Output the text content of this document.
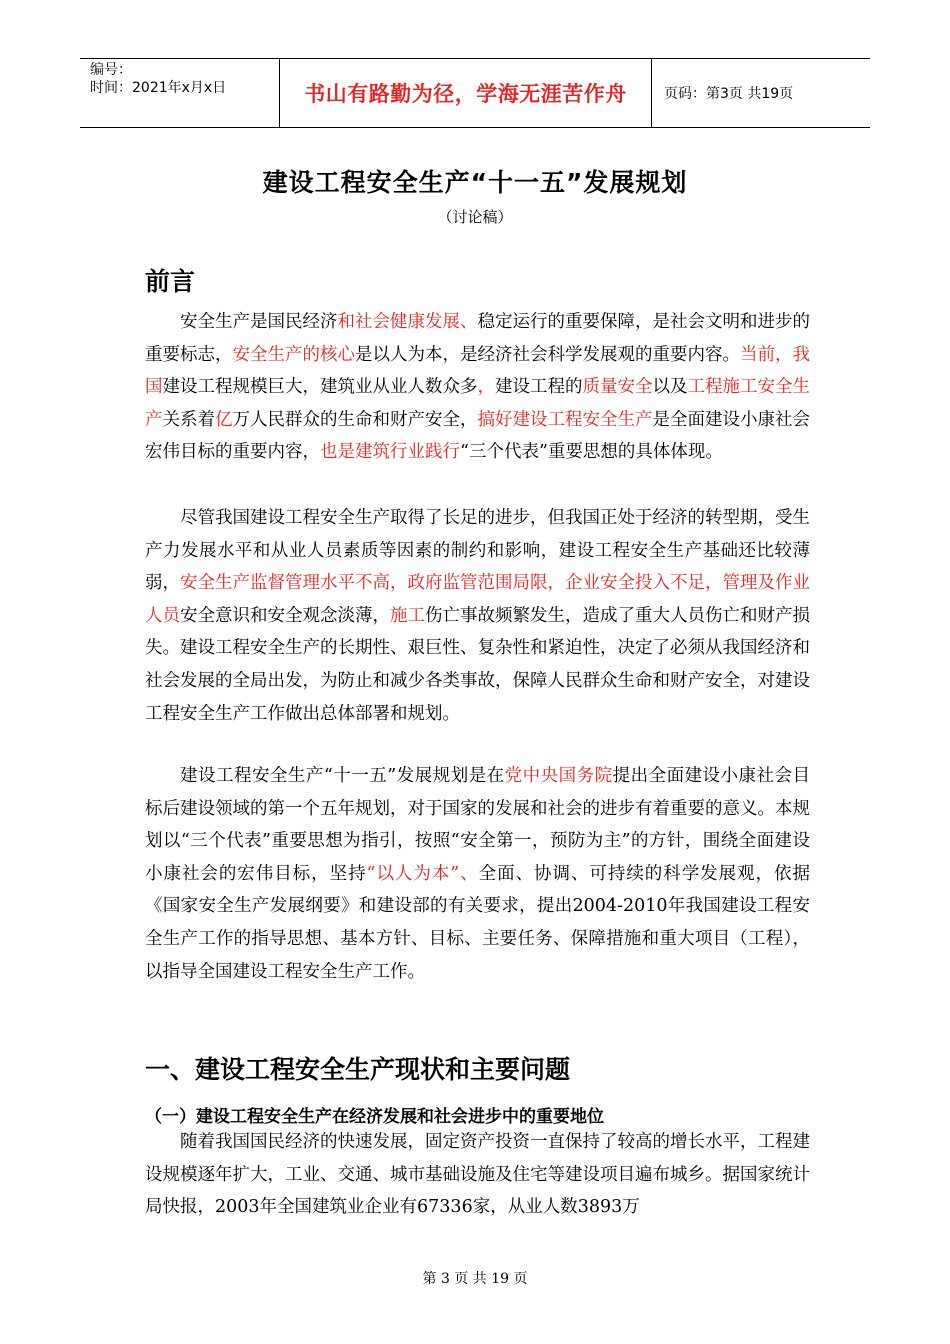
编号：
时间：2021年x月x日	书山有路勤为径，学海无涯苦作舟	页码：第3页 共19页
建设工程安全生产“十一五”发展规划
（讨论稿）
前言

安全生产是国民经济和社会健康发展、稳定运行的重要保障，是社会文明和进步的重要标志，安全生产的核心是以人为本，是经济社会科学发展观的重要内容。当前，我国建设工程规模巨大，建筑业从业人数众多，建设工程的质量安全以及工程施工安全生产关系着亿万人民群众的生命和财产安全，搞好建设工程安全生产是全面建设小康社会宏伟目标的重要内容，也是建筑行业践行“三个代表”重要思想的具体体现。

尽管我国建设工程安全生产取得了长足的进步，但我国正处于经济的转型期，受生产力发展水平和从业人员素质等因素的制约和影响，建设工程安全生产基础还比较薄弱，安全生产监督管理水平不高，政府监管范围局限，企业安全投入不足，管理及作业人员安全意识和安全观念淡薄，施工伤亡事故频繁发生，造成了重大人员伤亡和财产损失。建设工程安全生产的长期性、艰巨性、复杂性和紧迫性，决定了必须从我国经济和社会发展的全局出发，为防止和减少各类事故，保障人民群众生命和财产安全，对建设工程安全生产工作做出总体部署和规划。

建设工程安全生产“十一五”发展规划是在党中央国务院提出全面建设小康社会目标后建设领域的第一个五年规划，对于国家的发展和社会的进步有着重要的意义。本规划以“三个代表”重要思想为指引，按照“安全第一，预防为主”的方针，围绕全面建设小康社会的宏伟目标，坚持“以人为本”、全面、协调、可持续的科学发展观，依据《国家安全生产发展纲要》和建设部的有关要求，提出2004-2010年我国建设工程安全生产工作的指导思想、基本方针、目标、主要任务、保障措施和重大项目（工程），以指导全国建设工程安全生产工作。

一、建设工程安全生产现状和主要问题
（一）建设工程安全生产在经济发展和社会进步中的重要地位

随着我国国民经济的快速发展，固定资产投资一直保持了较高的增长水平，工程建设规模逐年扩大，工业、交通、城市基础设施及住宅等建设项目遍布城乡。据国家统计局快报，2003年全国建筑业企业有67336家，从业人数3893万

第 3 页 共 19 页
